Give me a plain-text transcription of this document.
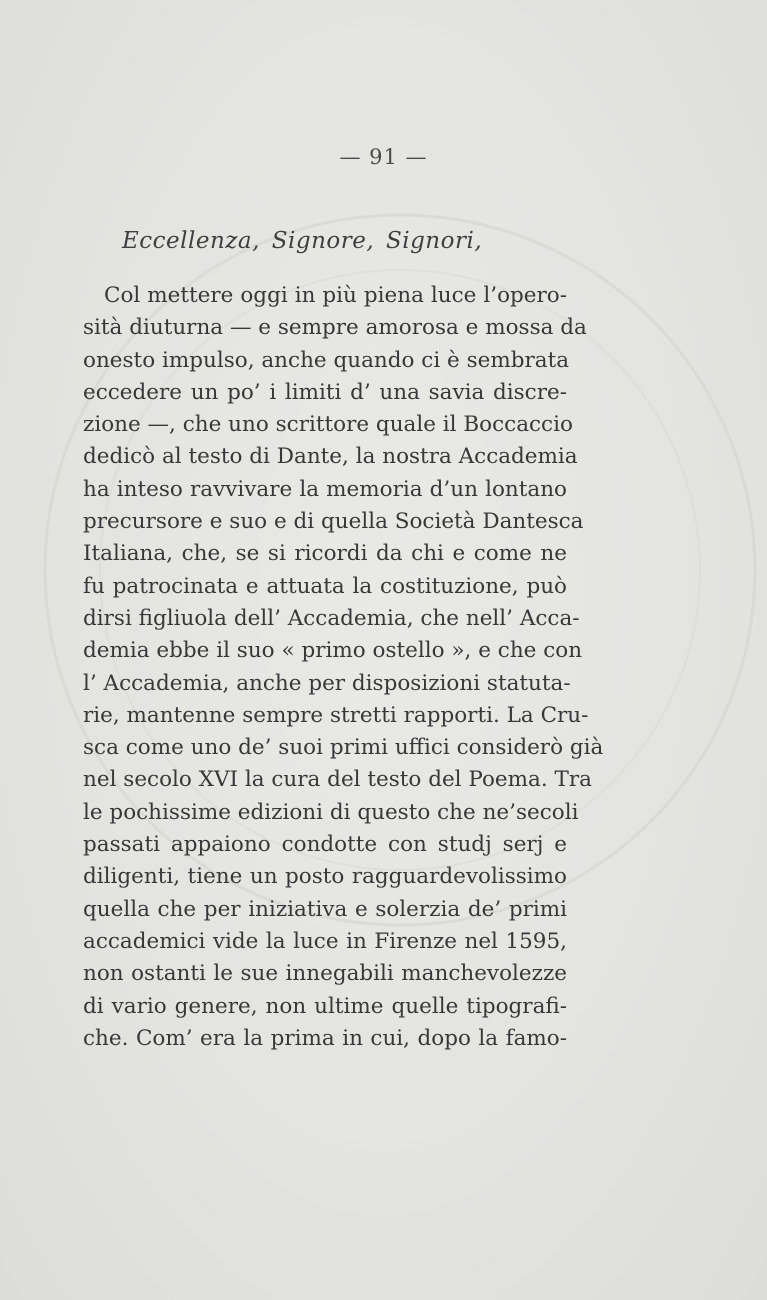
— 91 —
Eccellenza, Signore, Signori,
Col mettere oggi in più piena luce l’opero-
sità diuturna — e sempre amorosa e mossa da
onesto impulso, anche quando ci è sembrata
eccedere un po’ i limiti d’ una savia discre-
zione —, che uno scrittore quale il Boccaccio
dedicò al testo di Dante, la nostra Accademia
ha inteso ravvivare la memoria d’un lontano
precursore e suo e di quella Società Dantesca
Italiana, che, se si ricordi da chi e come ne
fu patrocinata e attuata la costituzione, può
dirsi figliuola dell’ Accademia, che nell’ Acca-
demia ebbe il suo « primo ostello », e che con
l’ Accademia, anche per disposizioni statuta-
rie, mantenne sempre stretti rapporti. La Cru-
sca come uno de’ suoi primi uffici considerò già
nel secolo XVI la cura del testo del Poema. Tra
le pochissime edizioni di questo che ne’secoli
passati appaiono condotte con studj serj e
diligenti, tiene un posto ragguardevolissimo
quella che per iniziativa e solerzia de’ primi
accademici vide la luce in Firenze nel 1595,
non ostanti le sue innegabili manchevolezze
di vario genere, non ultime quelle tipografi-
che. Com’ era la prima in cui, dopo la famo-
